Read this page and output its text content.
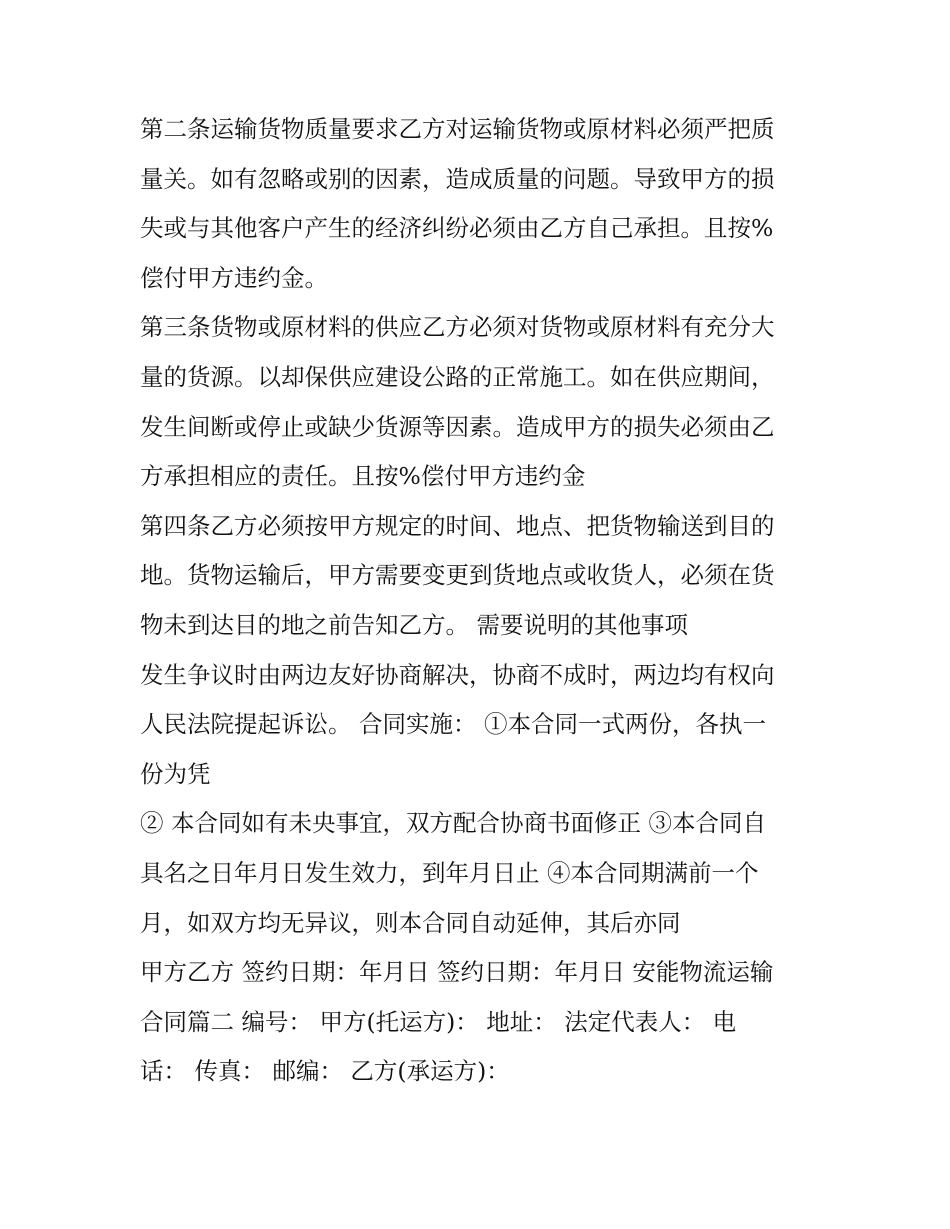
第二条运输货物质量要求乙方对运输货物或原材料必须严把质
量关。如有忽略或别的因素，造成质量的问题。导致甲方的损
失或与其他客户产生的经济纠纷必须由乙方自己承担。且按%
偿付甲方违约金。
第三条货物或原材料的供应乙方必须对货物或原材料有充分大
量的货源。以却保供应建设公路的正常施工。如在供应期间，
发生间断或停止或缺少货源等因素。造成甲方的损失必须由乙
方承担相应的责任。且按%偿付甲方违约金
第四条乙方必须按甲方规定的时间、地点、把货物输送到目的
地。货物运输后，甲方需要变更到货地点或收货人，必须在货
物未到达目的地之前告知乙方。 需要说明的其他事项
发生争议时由两边友好协商解决，协商不成时，两边均有权向
人民法院提起诉讼。 合同实施： ①本合同一式两份，各执一
份为凭
② 本合同如有未央事宜，双方配合协商书面修正 ③本合同自
具名之日年月日发生效力，到年月日止 ④本合同期满前一个
月，如双方均无异议，则本合同自动延伸，其后亦同
甲方乙方 签约日期：年月日 签约日期：年月日 安能物流运输
合同篇二 编号： 甲方(托运方)： 地址： 法定代表人： 电
话： 传真： 邮编： 乙方(承运方)：
